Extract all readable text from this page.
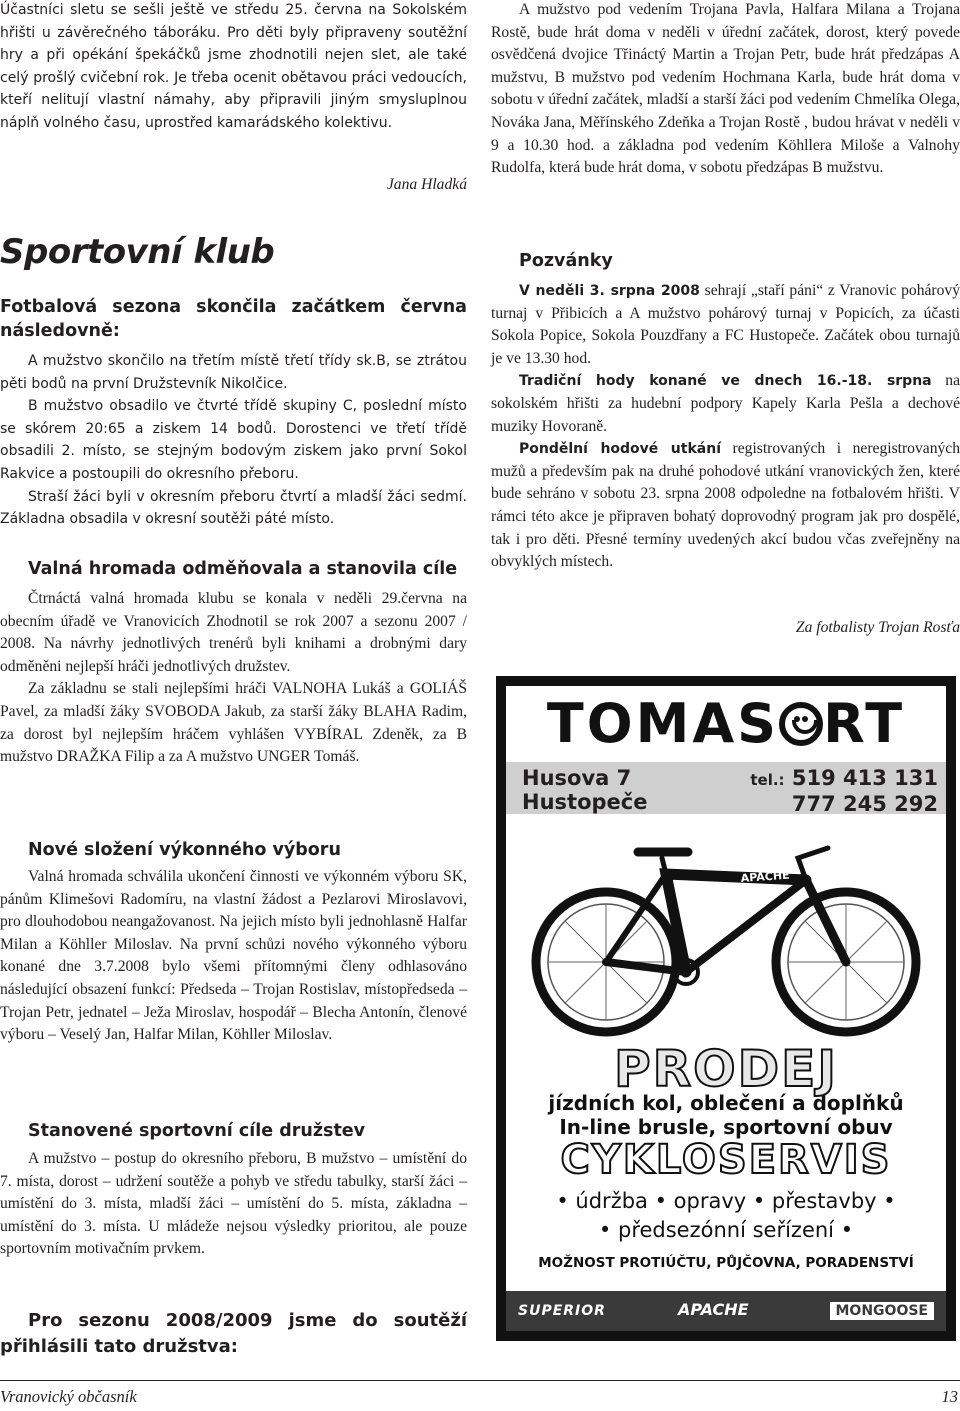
Účastníci sletu se sešli ještě ve středu 25. června na Sokolském hřišti u závěrečného táboráku. Pro děti byly připraveny soutěžní hry a při opékání špekáčků jsme zhodnotili nejen slet, ale také celý prošlý cvičební rok. Je třeba ocenit obětavou práci vedoucích, kteří nelitují vlastní námahy, aby připravili jiným smysluplnou náplň volného času, uprostřed kamarádského kolektivu.

Jana Hladká
Sportovní klub
Fotbalová sezona skončila začátkem června následovně:

A mužstvo skončilo na třetím místě třetí třídy sk.B, se ztrátou pěti bodů na první Družstevník Nikolčice.

B mužstvo obsadilo ve čtvrté třídě skupiny C, poslední místo se skórem 20:65 a ziskem 14 bodů. Dorostenci ve třetí třídě obsadili 2. místo, se stejným bodovým ziskem jako první Sokol Rakvice a postoupili do okresního přeboru.

Straší žáci byli v okresním přeboru čtvrtí a mladší žáci sedmí. Základna obsadila v okresní soutěži páté místo.

Valná hromada odměňovala a stanovila cíle

Čtrnáctá valná hromada klubu se konala v neděli 29.června na obecním úřadě ve Vranovicích Zhodnotil se rok 2007 a sezonu 2007 / 2008. Na návrhy jednotlivých trenérů byli knihami a drobnými dary odměněni nejlepší hráči jednotlivých družstev.

Za základnu se stali nejlepšími hráči VALNOHA Lukáš a GOLIÁŠ Pavel, za mladší žáky SVOBODA Jakub, za starší žáky BLAHA Radim, za dorost byl nejlepším hráčem vyhlášen VYBÍRAL Zdeněk, za B mužstvo DRAŽKA Filip a za A mužstvo UNGER Tomáš.

Nové složení výkonného výboru

Valná hromada schválila ukončení činnosti ve výkonném výboru SK, pánům Klimešovi Radomíru, na vlastní žádost a Pezlarovi Miroslavovi, pro dlouhodobou neangažovanost. Na jejich místo byli jednohlasně Halfar Milan a Köhller Miloslav. Na první schůzi nového výkonného výboru konané dne 3.7.2008 bylo všemi přítomnými členy odhlasováno následující obsazení funkcí: Předseda – Trojan Rostislav, místopředseda – Trojan Petr, jednatel – Ježa Miroslav, hospodář – Blecha Antonín, členové výboru – Veselý Jan, Halfar Milan, Köhller Miloslav.

Stanovené sportovní cíle družstev

A mužstvo – postup do okresního přeboru, B mužstvo – umístění do 7. místa, dorost – udržení soutěže a pohyb ve středu tabulky, starší žáci – umístění do 3. místa, mladší žáci – umístění do 5. místa, základna – umístění do 3. místa. U mládeže nejsou výsledky prioritou, ale pouze sportovním motivačním prvkem.

Pro sezonu 2008/2009 jsme do soutěží přihlásili tato družstva:

A mužstvo pod vedením Trojana Pavla, Halfara Milana a Trojana Rostě, bude hrát doma v neděli v úřední začátek, dorost, který povede osvědčená dvojice Třináctý Martin a Trojan Petr, bude hrát předzápas A mužstvu, B mužstvo pod vedením Hochmana Karla, bude hrát doma v sobotu v úřední začátek, mladší a starší žáci pod vedením Chmelíka Olega, Nováka Jana, Měřínského Zdeňka a Trojan Rostě , budou hrávat v neděli v 9 a 10.30 hod. a základna pod vedením Köhllera Miloše a Valnohy Rudolfa, která bude hrát doma, v sobotu předzápas B mužstvu.

Pozvánky

V neděli 3. srpna 2008 sehrají „staří páni“ z Vranovic pohárový turnaj v Přibicích a A mužstvo pohárový turnaj v Popicích, za účasti Sokola Popice, Sokola Pouzdřany a FC Hustopeče. Začátek obou turnajů je ve 13.30 hod.

Tradiční hody konané ve dnech 16.-18. srpna na sokolském hřišti za hudební podpory Kapely Karla Pešla a dechové muziky Hovoraně.

Pondělní hodové utkání registrovaných i neregistrovaných mužů a především pak na druhé pohodové utkání vranovických žen, které bude sehráno v sobotu 23. srpna 2008 odpoledne na fotbalovém hřišti. V rámci této akce je připraven bohatý doprovodný program jak pro dospělé, tak i pro děti. Přesné termíny uvedených akcí budou včas zveřejněny na obvyklých místech.

Za fotbalisty Trojan Rosťa
TOMAS RT
Husova 7
Hustopeče
tel.: 519 413 131
777 245 292
APACHE
PRODEJ
jízdních kol, oblečení a doplňků
In-line brusle, sportovní obuv
CYKLOSERVIS
• údržba • opravy • přestavby •
• předsezónní seřízení •
MOŽNOST PROTIÚČTU, PŮJČOVNA, PORADENSTVÍ
SUPERIOR	APACHE	MONGOOSE
Vranovický občasník	13
